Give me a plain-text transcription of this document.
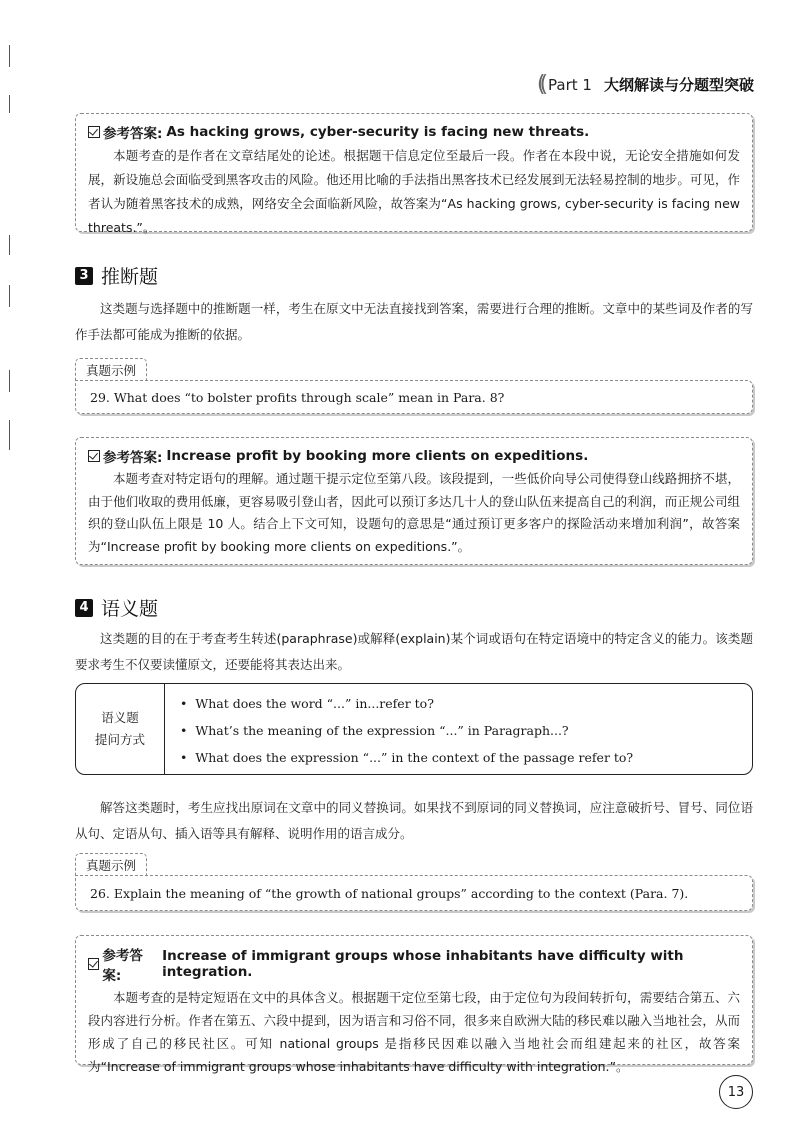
(( Part 1 大纲解读与分题型突破
参考答案: As hacking grows, cyber-security is facing new threats.
本题考查的是作者在文章结尾处的论述。根据题干信息定位至最后一段。作者在本段中说，无论安全措施如何发展，新设施总会面临受到黑客攻击的风险。他还用比喻的手法指出黑客技术已经发展到无法轻易控制的地步。可见，作者认为随着黑客技术的成熟，网络安全会面临新风险，故答案为“As hacking grows, cyber-security is facing new threats.”。
3 推断题
这类题与选择题中的推断题一样，考生在原文中无法直接找到答案，需要进行合理的推断。文章中的某些词及作者的写作手法都可能成为推断的依据。
真题示例
29. What does “to bolster profits through scale” mean in Para. 8?
参考答案: Increase profit by booking more clients on expeditions.
本题考查对特定语句的理解。通过题干提示定位至第八段。该段提到，一些低价向导公司使得登山线路拥挤不堪，由于他们收取的费用低廉，更容易吸引登山者，因此可以预订多达几十人的登山队伍来提高自己的利润，而正规公司组织的登山队伍上限是 10 人。结合上下文可知，设题句的意思是“通过预订更多客户的探险活动来增加利润”，故答案为“Increase profit by booking more clients on expeditions.”。
4 语义题
这类题的目的在于考查考生转述(paraphrase)或解释(explain)某个词或语句在特定语境中的特定含义的能力。该类题要求考生不仅要读懂原文，还要能将其表达出来。
语义题
提问方式
• What does the word “...” in...refer to?
• What’s the meaning of the expression “...” in Paragraph...?
• What does the expression “...” in the context of the passage refer to?
解答这类题时，考生应找出原词在文章中的同义替换词。如果找不到原词的同义替换词，应注意破折号、冒号、同位语从句、定语从句、插入语等具有解释、说明作用的语言成分。
真题示例
26. Explain the meaning of “the growth of national groups” according to the context (Para. 7).
参考答案:
Increase of immigrant groups whose inhabitants have difficulty with integration.
本题考查的是特定短语在文中的具体含义。根据题干定位至第七段，由于定位句为段间转折句，需要结合第五、六段内容进行分析。作者在第五、六段中提到，因为语言和习俗不同，很多来自欧洲大陆的移民难以融入当地社会，从而形成了自己的移民社区。可知 national groups 是指移民因难以融入当地社会而组建起来的社区，故答案为“Increase of immigrant groups whose inhabitants have difficulty with integration.”。
13
